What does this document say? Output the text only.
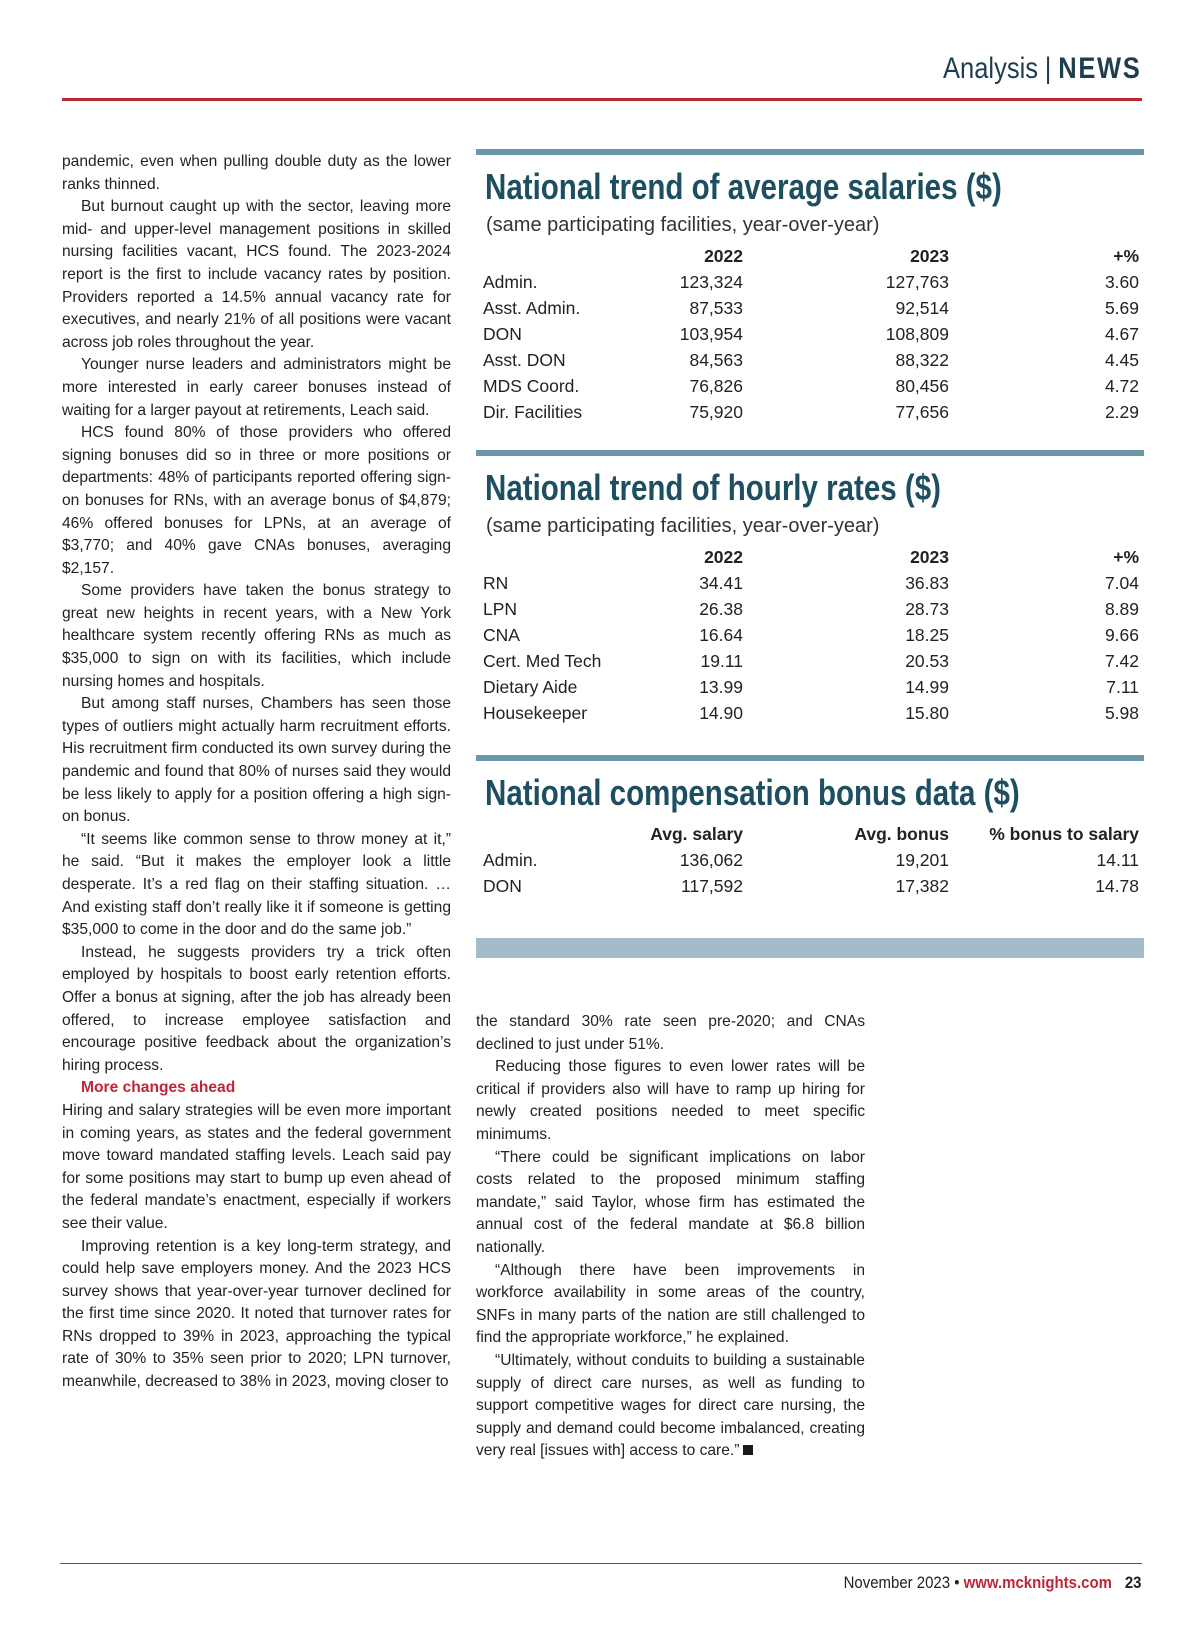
Analysis | NEWS

pandemic, even when pulling double duty as the lower ranks thinned.

But burnout caught up with the sector, leaving more mid- and upper-level management positions in skilled nursing facilities vacant, HCS found. The 2023-2024 report is the first to include vacancy rates by position. Providers reported a 14.5% annual vacancy rate for executives, and nearly 21% of all positions were vacant across job roles throughout the year.

Younger nurse leaders and administrators might be more interested in early career bonuses instead of waiting for a larger payout at retirements, Leach said.

HCS found 80% of those providers who offered signing bonuses did so in three or more positions or departments: 48% of participants reported offering sign-on bonuses for RNs, with an average bonus of $4,879; 46% offered bonuses for LPNs, at an average of $3,770; and 40% gave CNAs bonuses, averaging $2,157.

Some providers have taken the bonus strategy to great new heights in recent years, with a New York healthcare system recently offering RNs as much as $35,000 to sign on with its facilities, which include nursing homes and hospitals.

But among staff nurses, Chambers has seen those types of outliers might actually harm recruitment efforts. His recruitment firm conducted its own survey during the pandemic and found that 80% of nurses said they would be less likely to apply for a position offering a high sign-on bonus.

“It seems like common sense to throw money at it,” he said. “But it makes the employer look a little desperate. It’s a red flag on their staffing situation. … And existing staff don’t really like it if someone is getting $35,000 to come in the door and do the same job.”

Instead, he suggests providers try a trick often employed by hospitals to boost early retention efforts. Offer a bonus at signing, after the job has already been offered, to increase employee satisfaction and encourage positive feedback about the organization’s hiring process.

More changes ahead

Hiring and salary strategies will be even more important in coming years, as states and the federal government move toward mandated staffing levels. Leach said pay for some positions may start to bump up even ahead of the federal mandate’s enactment, especially if workers see their value.

Improving retention is a key long-term strategy, and could help save employers money. And the 2023 HCS survey shows that year-over-year turnover declined for the first time since 2020. It noted that turnover rates for RNs dropped to 39% in 2023, approaching the typical rate of 30% to 35% seen prior to 2020; LPN turnover, meanwhile, decreased to 38% in 2023, moving closer to

the standard 30% rate seen pre-2020; and CNAs declined to just under 51%.

Reducing those figures to even lower rates will be critical if providers also will have to ramp up hiring for newly created positions needed to meet specific minimums.

“There could be significant implications on labor costs related to the proposed minimum staffing mandate,” said Taylor, whose firm has estimated the annual cost of the federal mandate at $6.8 billion nationally.

“Although there have been improvements in workforce availability in some areas of the country, SNFs in many parts of the nation are still challenged to find the appropriate workforce,” he explained.

“Ultimately, without conduits to building a sustainable supply of direct care nurses, as well as funding to support competitive wages for direct care nursing, the supply and demand could become imbalanced, creating very real [issues with] access to care.”

National trend of average salaries ($)
(same participating facilities, year-over-year)
	2022	2023	+%
Admin.	123,324	127,763	3.60
Asst. Admin.	87,533	92,514	5.69
DON	103,954	108,809	4.67
Asst. DON	84,563	88,322	4.45
MDS Coord.	76,826	80,456	4.72
Dir. Facilities	75,920	77,656	2.29
National trend of hourly rates ($)
(same participating facilities, year-over-year)
	2022	2023	+%
RN	34.41	36.83	7.04
LPN	26.38	28.73	8.89
CNA	16.64	18.25	9.66
Cert. Med Tech	19.11	20.53	7.42
Dietary Aide	13.99	14.99	7.11
Housekeeper	14.90	15.80	5.98
National compensation bonus data ($)
	Avg. salary	Avg. bonus	% bonus to salary
Admin.	136,062	19,201	14.11
DON	117,592	17,382	14.78
November 2023 • www.mcknights.com 23
